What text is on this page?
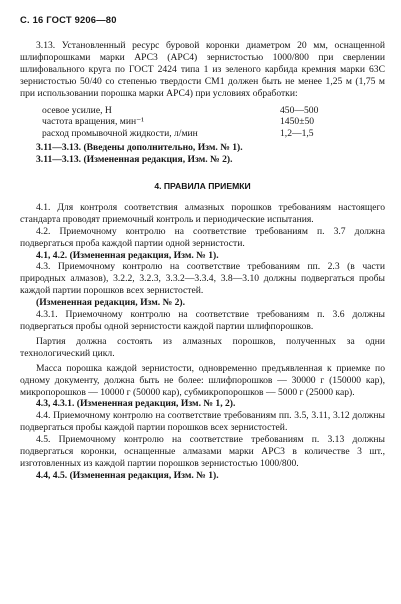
С. 16 ГОСТ 9206—80

3.13. Установленный ресурс буровой коронки диаметром 20 мм, оснащенной шлифпорошками марки АРС3 (АРС4) зернистостью 1000/800 при сверлении шлифовального круга по ГОСТ 2424 типа 1 из зеленого карбида кремния марки 63С зернистостью 50/40 со степенью твердости СМ1 должен быть не менее 1,25 м (1,75 м при использовании порошка марки АРС4) при условиях обработки:

осевое усилие, Н	450—500
частота вращения, мин⁻¹	1450±50
расход промывочной жидкости, л/мин	1,2—1,5

3.11—3.13. (Введены дополнительно, Изм. № 1).

3.11—3.13. (Измененная редакция, Изм. № 2).

4. ПРАВИЛА ПРИЕМКИ

4.1. Для контроля соответствия алмазных порошков требованиям настоящего стандарта проводят приемочный контроль и периодические испытания.

4.2. Приемочному контролю на соответствие требованиям п. 3.7 должна подвергаться проба каждой партии одной зернистости.

4.1, 4.2. (Измененная редакция, Изм. № 1).

4.3. Приемочному контролю на соответствие требованиям пп. 2.3 (в части природных алмазов), 3.2.2, 3.2.3, 3.3.2—3.3.4, 3.8—3.10 должны подвергаться пробы каждой партии порошков всех зернистостей.

(Измененная редакция, Изм. № 2).

4.3.1. Приемочному контролю на соответствие требованиям п. 3.6 должны подвергаться пробы одной зернистости каждой партии шлифпорошков.

Партия должна состоять из алмазных порошков, полученных за одни технологический цикл.

Масса порошка каждой зернистости, одновременно предъявленная к приемке по одному документу, должна быть не более: шлифпорошков — 30000 г (150000 кар), микропорошков — 10000 г (50000 кар), субмикропорошков — 5000 г (25000 кар).

4.3, 4.3.1. (Измененная редакция, Изм. № 1, 2).

4.4. Приемочному контролю на соответствие требованиям пп. 3.5, 3.11, 3.12 должны подвергаться пробы каждой партии порошков всех зернистостей.

4.5. Приемочному контролю на соответствие требованиям п. 3.13 должны подвергаться коронки, оснащенные алмазами марки АРС3 в количестве 3 шт., изготовленных из каждой партии порошков зернистостью 1000/800.

4.4, 4.5. (Измененная редакция, Изм. № 1).
